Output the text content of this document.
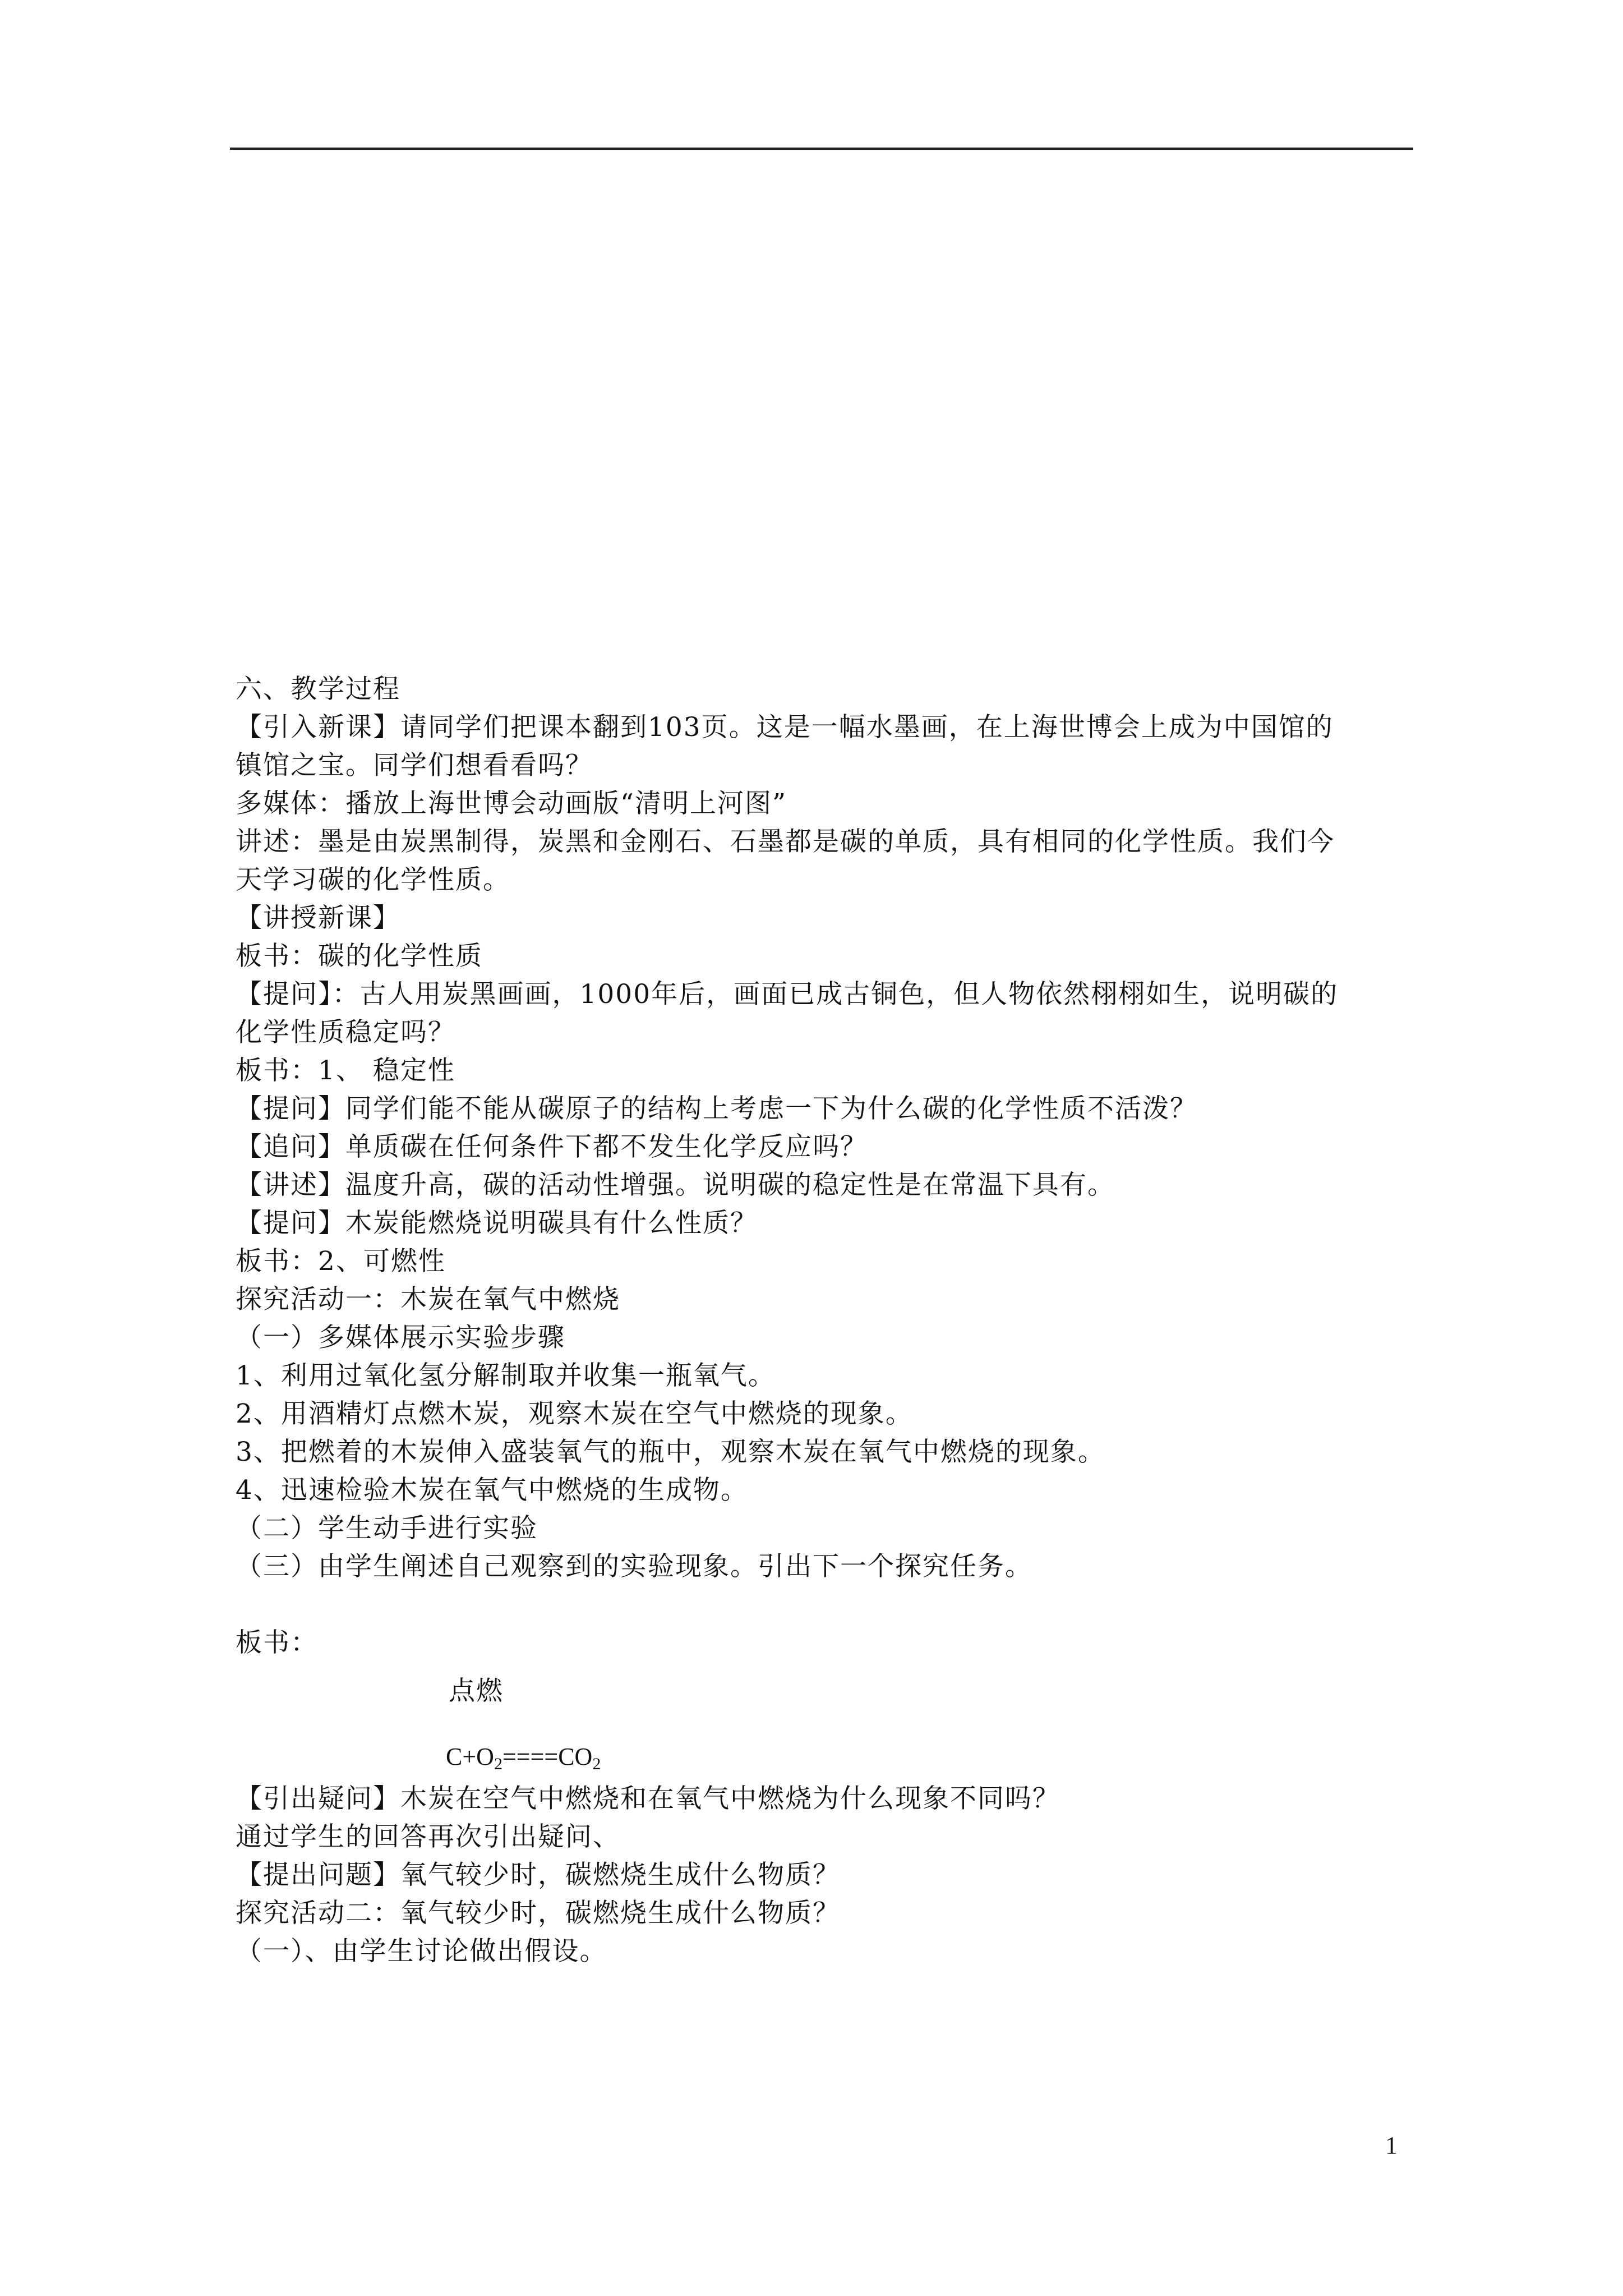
六、教学过程
【引入新课】请同学们把课本翻到103页。这是一幅水墨画，在上海世博会上成为中国馆的
镇馆之宝。同学们想看看吗？
多媒体：播放上海世博会动画版“清明上河图”
讲述：墨是由炭黑制得，炭黑和金刚石、石墨都是碳的单质，具有相同的化学性质。我们今
天学习碳的化学性质。
【讲授新课】
板书：碳的化学性质
【提问】：古人用炭黑画画，1000年后，画面已成古铜色，但人物依然栩栩如生，说明碳的
化学性质稳定吗？
板书：1、 稳定性
【提问】同学们能不能从碳原子的结构上考虑一下为什么碳的化学性质不活泼？
【追问】单质碳在任何条件下都不发生化学反应吗？
【讲述】温度升高，碳的活动性增强。说明碳的稳定性是在常温下具有。
【提问】木炭能燃烧说明碳具有什么性质？
板书：2、可燃性
探究活动一：木炭在氧气中燃烧
（一）多媒体展示实验步骤
1、利用过氧化氢分解制取并收集一瓶氧气。
2、用酒精灯点燃木炭，观察木炭在空气中燃烧的现象。
3、把燃着的木炭伸入盛装氧气的瓶中，观察木炭在氧气中燃烧的现象。
4、迅速检验木炭在氧气中燃烧的生成物。
（二）学生动手进行实验
（三）由学生阐述自己观察到的实验现象。引出下一个探究任务。
板书：
点燃
$C+O_2====CO_2$
【引出疑问】木炭在空气中燃烧和在氧气中燃烧为什么现象不同吗？
通过学生的回答再次引出疑问、
【提出问题】氧气较少时，碳燃烧生成什么物质？
探究活动二：氧气较少时，碳燃烧生成什么物质？
（一）、由学生讨论做出假设。
1
